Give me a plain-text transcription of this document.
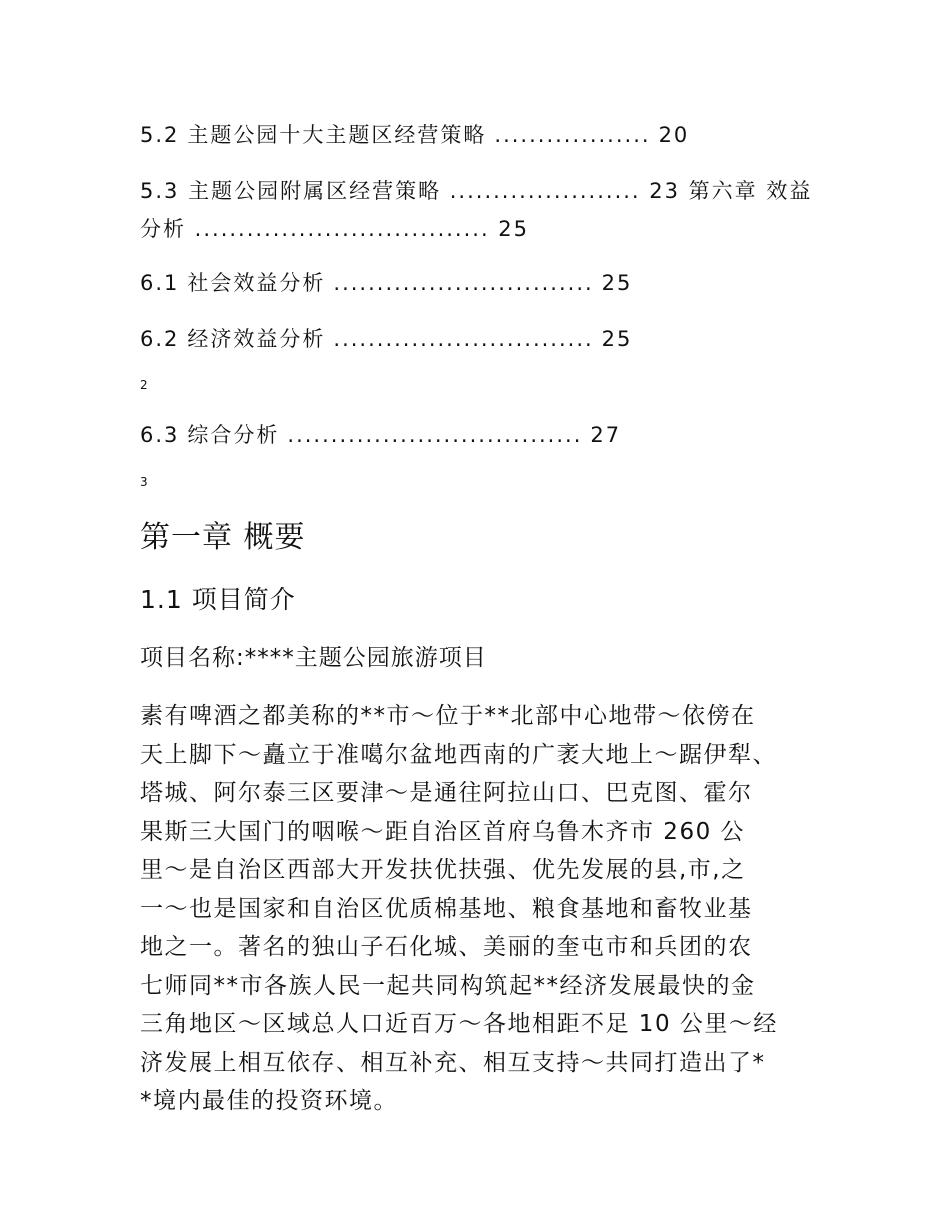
5.2 主题公园十大主题区经营策略 .................. 20
5.3 主题公园附属区经营策略 ...................... 23 第六章 效益分析 .................................. 25
6.1 社会效益分析 .............................. 25
6.2 经济效益分析 .............................. 25
2
6.3 综合分析 .................................. 27
3
第一章 概要
1.1 项目简介
项目名称:****主题公园旅游项目
素有啤酒之都美称的**市～位于**北部中心地带～依傍在
天上脚下～矗立于准噶尔盆地西南的广袤大地上～踞伊犁、
塔城、阿尔泰三区要津～是通往阿拉山口、巴克图、霍尔
果斯三大国门的咽喉～距自治区首府乌鲁木齐市 260 公
里～是自治区西部大开发扶优扶强、优先发展的县,市,之
一～也是国家和自治区优质棉基地、粮食基地和畜牧业基
地之一。著名的独山子石化城、美丽的奎屯市和兵团的农
七师同**市各族人民一起共同构筑起**经济发展最快的金
三角地区～区域总人口近百万～各地相距不足 10 公里～经
济发展上相互依存、相互补充、相互支持～共同打造出了*
*境内最佳的投资环境。
